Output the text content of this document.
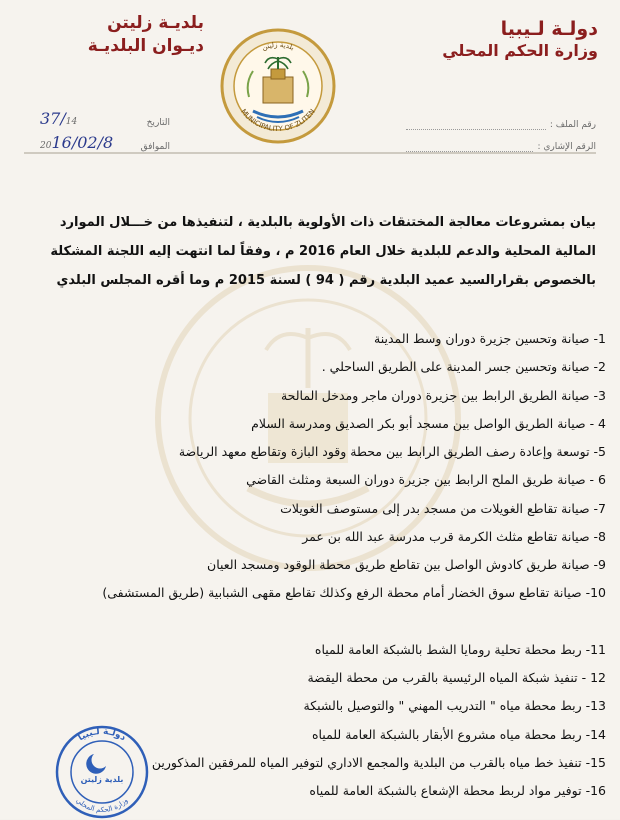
دولـة لـيبيا
وزارة الحكم المحلي
بلديـة زليتن
ديـوان البلديـة
MUNICIPALITY OF ZLITEN
بلدية زليتن
رقم الملف :
الرقم الإشاري :
التاريخ
37/14
الموافق
2016/02/8
بيان بمشروعات معالجة المختنقات ذات الأولوية بالبلدية ، لتنفيذها من خـــلال الموارد
المالية المحلية والدعم للبلدية خلال العام 2016 م ، وفقاً لما انتهت إليه اللجنة المشكلة
بالخصوص بقرارالسيد عميد البلدية رقم ( 94 ) لسنة 2015 م وما أقره المجلس البلدي
1- صيانة وتحسين جزيرة دوران وسط المدينة
2- صيانة وتحسين جسر المدينة على الطريق الساحلي .
3- صيانة الطريق الرابط بين جزيرة دوران ماجر ومدخل المالحة
4 - صيانة الطريق الواصل بين مسجد أبو بكر الصديق ومدرسة السلام
5- توسعة وإعادة رصف الطريق الرابط بين محطة وقود البازة وتقاطع معهد الرياضة
6 - صيانة طريق الملح الرابط بين جزيرة دوران السبعة ومثلث القاضي
7- صيانة تقاطع الغويلات من مسجد بدر إلى مستوصف الغويلات
8- صيانة تقاطع مثلث الكرمة قرب مدرسة عبد الله بن عمر
9- صيانة طريق كادوش الواصل بين تقاطع طريق محطة الوقود ومسجد العيان
10- صيانة تقاطع سوق الخضار أمام محطة الرفع وكذلك تقاطع مقهى الشبابية (طريق المستشفى)
11- ربط محطة تحلية رومايا الشط بالشبكة العامة للمياه
12 - تنفيذ شبكة المياه الرئيسية بالقرب من محطة اليقضة
13- ربط محطة مياه " التدريب المهني " والتوصيل بالشبكة
14- ربط محطة مياه مشروع الأبقار بالشبكة العامة للمياه
15- تنفيذ خط مياه بالقرب من البلدية والمجمع الاداري لتوفير المياه للمرفقين المذكورين
16- توفير مواد لربط محطة الإشعاع بالشبكة العامة للمياه
دولـة لـيبيا
وزارة الحكم المحلي
بلدية زليتن
